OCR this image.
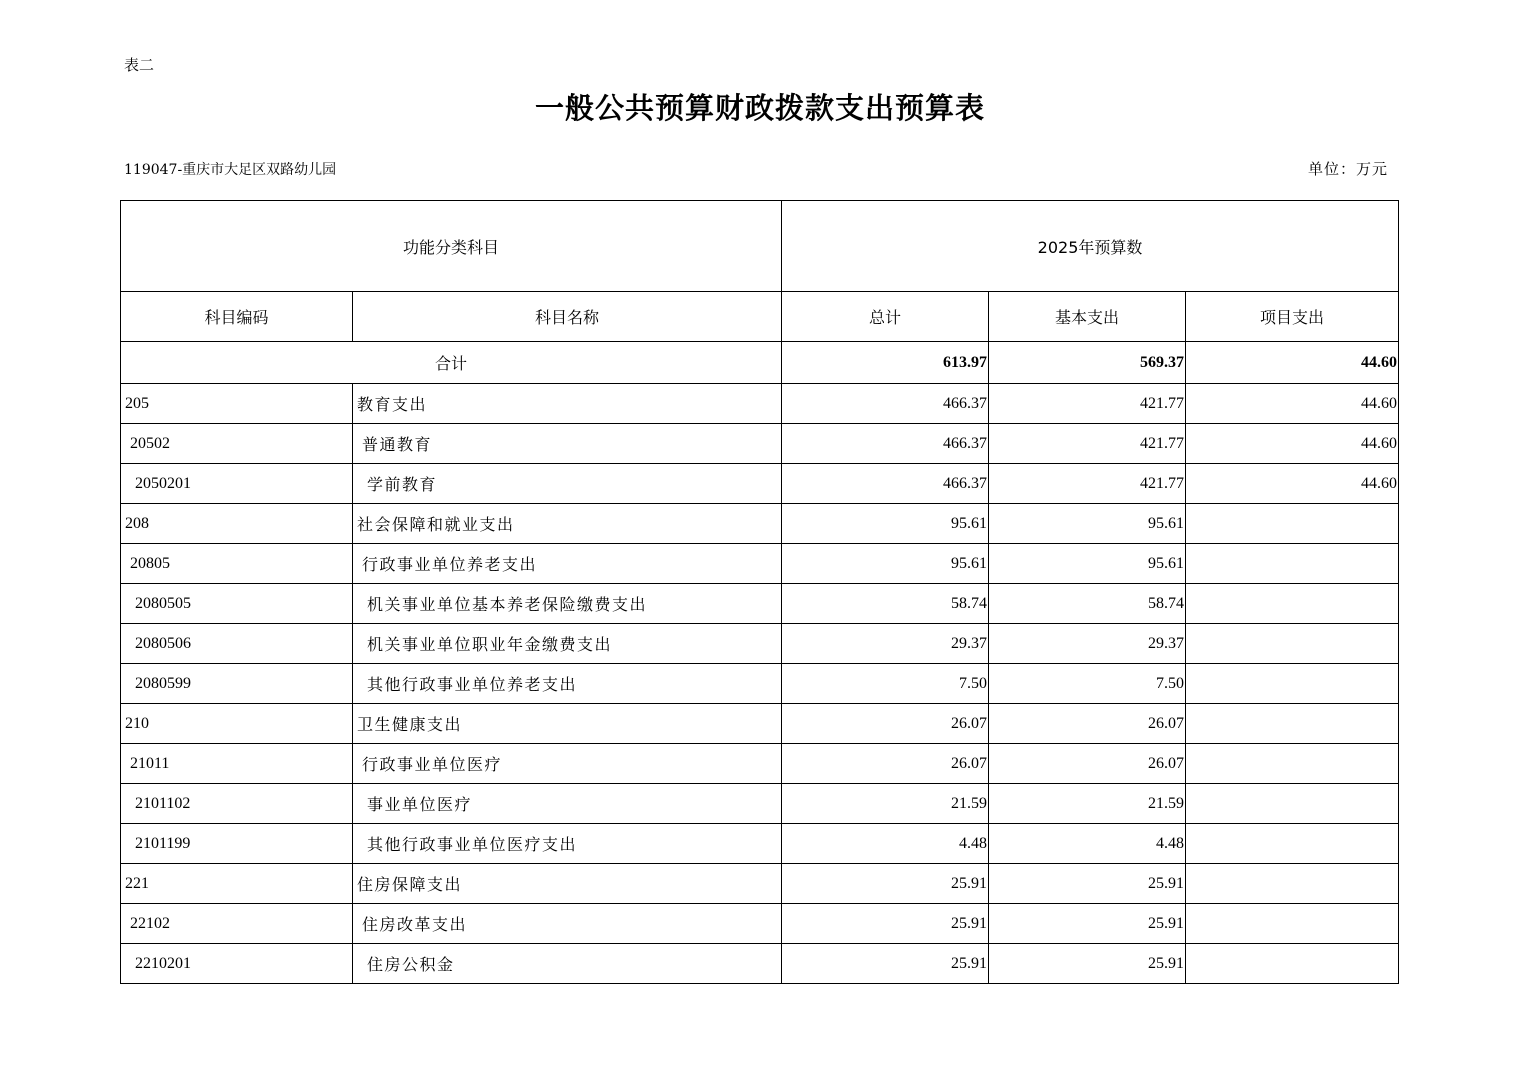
表二
一般公共预算财政拨款支出预算表
119047-重庆市大足区双路幼儿园	单位：万元
功能分类科目		2025年预算数		
科目编码	科目名称	总计	基本支出	项目支出
合计		613.97	569.37	44.60
205	教育支出	466.37	421.77	44.60
20502	普通教育	466.37	421.77	44.60
2050201	学前教育	466.37	421.77	44.60
208	社会保障和就业支出	95.61	95.61	
20805	行政事业单位养老支出	95.61	95.61	
2080505	机关事业单位基本养老保险缴费支出	58.74	58.74	
2080506	机关事业单位职业年金缴费支出	29.37	29.37	
2080599	其他行政事业单位养老支出	7.50	7.50	
210	卫生健康支出	26.07	26.07	
21011	行政事业单位医疗	26.07	26.07	
2101102	事业单位医疗	21.59	21.59	
2101199	其他行政事业单位医疗支出	4.48	4.48	
221	住房保障支出	25.91	25.91	
22102	住房改革支出	25.91	25.91	
2210201	住房公积金	25.91	25.91	
